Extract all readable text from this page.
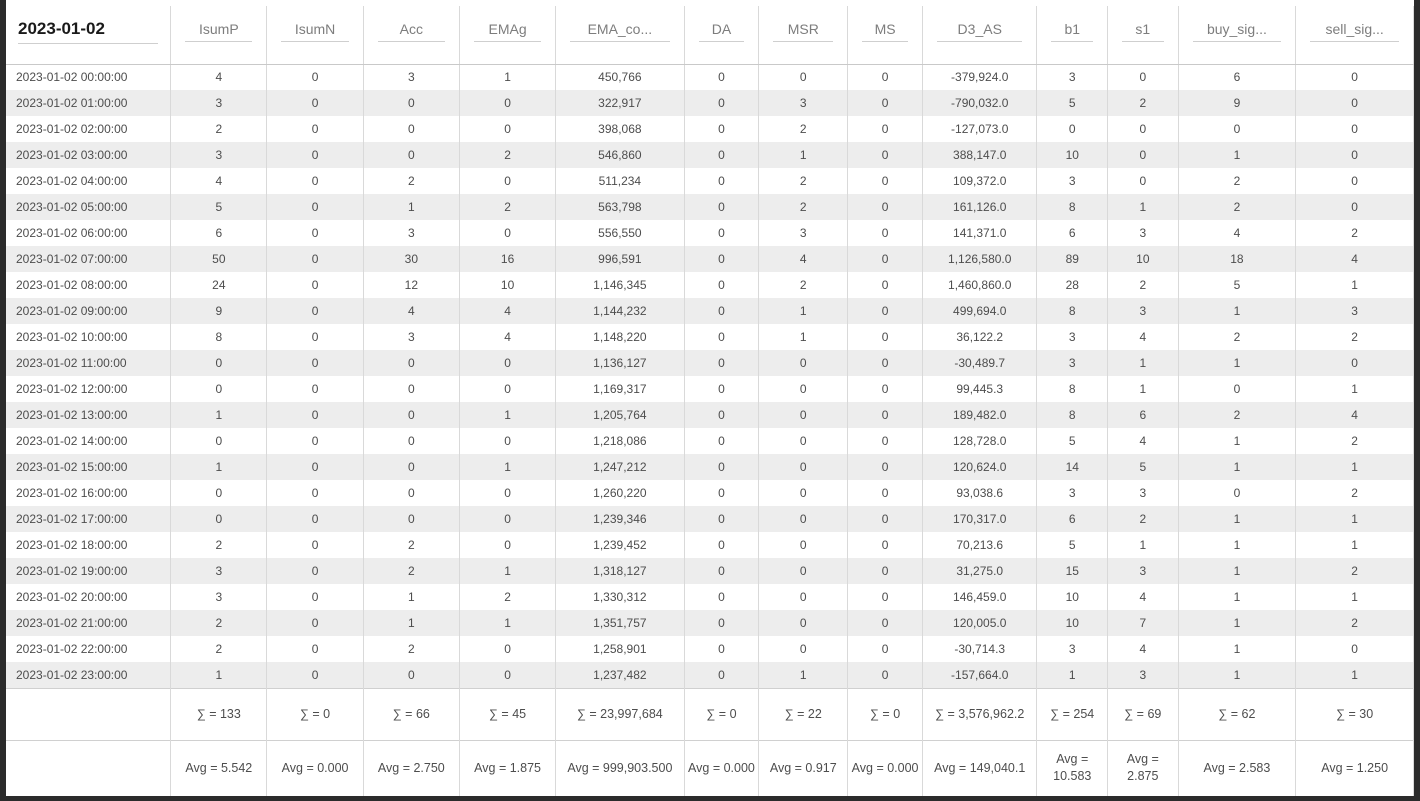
2023-01-02	IsumP	IsumN	Acc	EMAg	EMA_co...	DA	MSR	MS	D3_AS	b1	s1	buy_sig...	sell_sig...

2023-01-02 00:00:00	4	0	3	1	450,766	0	0	0	-379,924.0	3	0	6	0
2023-01-02 01:00:00	3	0	0	0	322,917	0	3	0	-790,032.0	5	2	9	0
2023-01-02 02:00:00	2	0	0	0	398,068	0	2	0	-127,073.0	0	0	0	0
2023-01-02 03:00:00	3	0	0	2	546,860	0	1	0	388,147.0	10	0	1	0
2023-01-02 04:00:00	4	0	2	0	511,234	0	2	0	109,372.0	3	0	2	0
2023-01-02 05:00:00	5	0	1	2	563,798	0	2	0	161,126.0	8	1	2	0
2023-01-02 06:00:00	6	0	3	0	556,550	0	3	0	141,371.0	6	3	4	2
2023-01-02 07:00:00	50	0	30	16	996,591	0	4	0	1,126,580.0	89	10	18	4
2023-01-02 08:00:00	24	0	12	10	1,146,345	0	2	0	1,460,860.0	28	2	5	1
2023-01-02 09:00:00	9	0	4	4	1,144,232	0	1	0	499,694.0	8	3	1	3
2023-01-02 10:00:00	8	0	3	4	1,148,220	0	1	0	36,122.2	3	4	2	2
2023-01-02 11:00:00	0	0	0	0	1,136,127	0	0	0	-30,489.7	3	1	1	0
2023-01-02 12:00:00	0	0	0	0	1,169,317	0	0	0	99,445.3	8	1	0	1
2023-01-02 13:00:00	1	0	0	1	1,205,764	0	0	0	189,482.0	8	6	2	4
2023-01-02 14:00:00	0	0	0	0	1,218,086	0	0	0	128,728.0	5	4	1	2
2023-01-02 15:00:00	1	0	0	1	1,247,212	0	0	0	120,624.0	14	5	1	1
2023-01-02 16:00:00	0	0	0	0	1,260,220	0	0	0	93,038.6	3	3	0	2
2023-01-02 17:00:00	0	0	0	0	1,239,346	0	0	0	170,317.0	6	2	1	1
2023-01-02 18:00:00	2	0	2	0	1,239,452	0	0	0	70,213.6	5	1	1	1
2023-01-02 19:00:00	3	0	2	1	1,318,127	0	0	0	31,275.0	15	3	1	2
2023-01-02 20:00:00	3	0	1	2	1,330,312	0	0	0	146,459.0	10	4	1	1
2023-01-02 21:00:00	2	0	1	1	1,351,757	0	0	0	120,005.0	10	7	1	2
2023-01-02 22:00:00	2	0	2	0	1,258,901	0	0	0	-30,714.3	3	4	1	0
2023-01-02 23:00:00	1	0	0	0	1,237,482	0	1	0	-157,664.0	1	3	1	1
	∑ = 133	∑ = 0	∑ = 66	∑ = 45	∑ = 23,997,684	∑ = 0	∑ = 22	∑ = 0	∑ = 3,576,962.2	∑ = 254	∑ = 69	∑ = 62	∑ = 30
	Avg = 5.542	Avg = 0.000	Avg = 2.750	Avg = 1.875	Avg = 999,903.500	Avg = 0.000	Avg = 0.917	Avg = 0.000	Avg = 149,040.1	Avg = 10.583	Avg = 2.875	Avg = 2.583	Avg = 1.250
